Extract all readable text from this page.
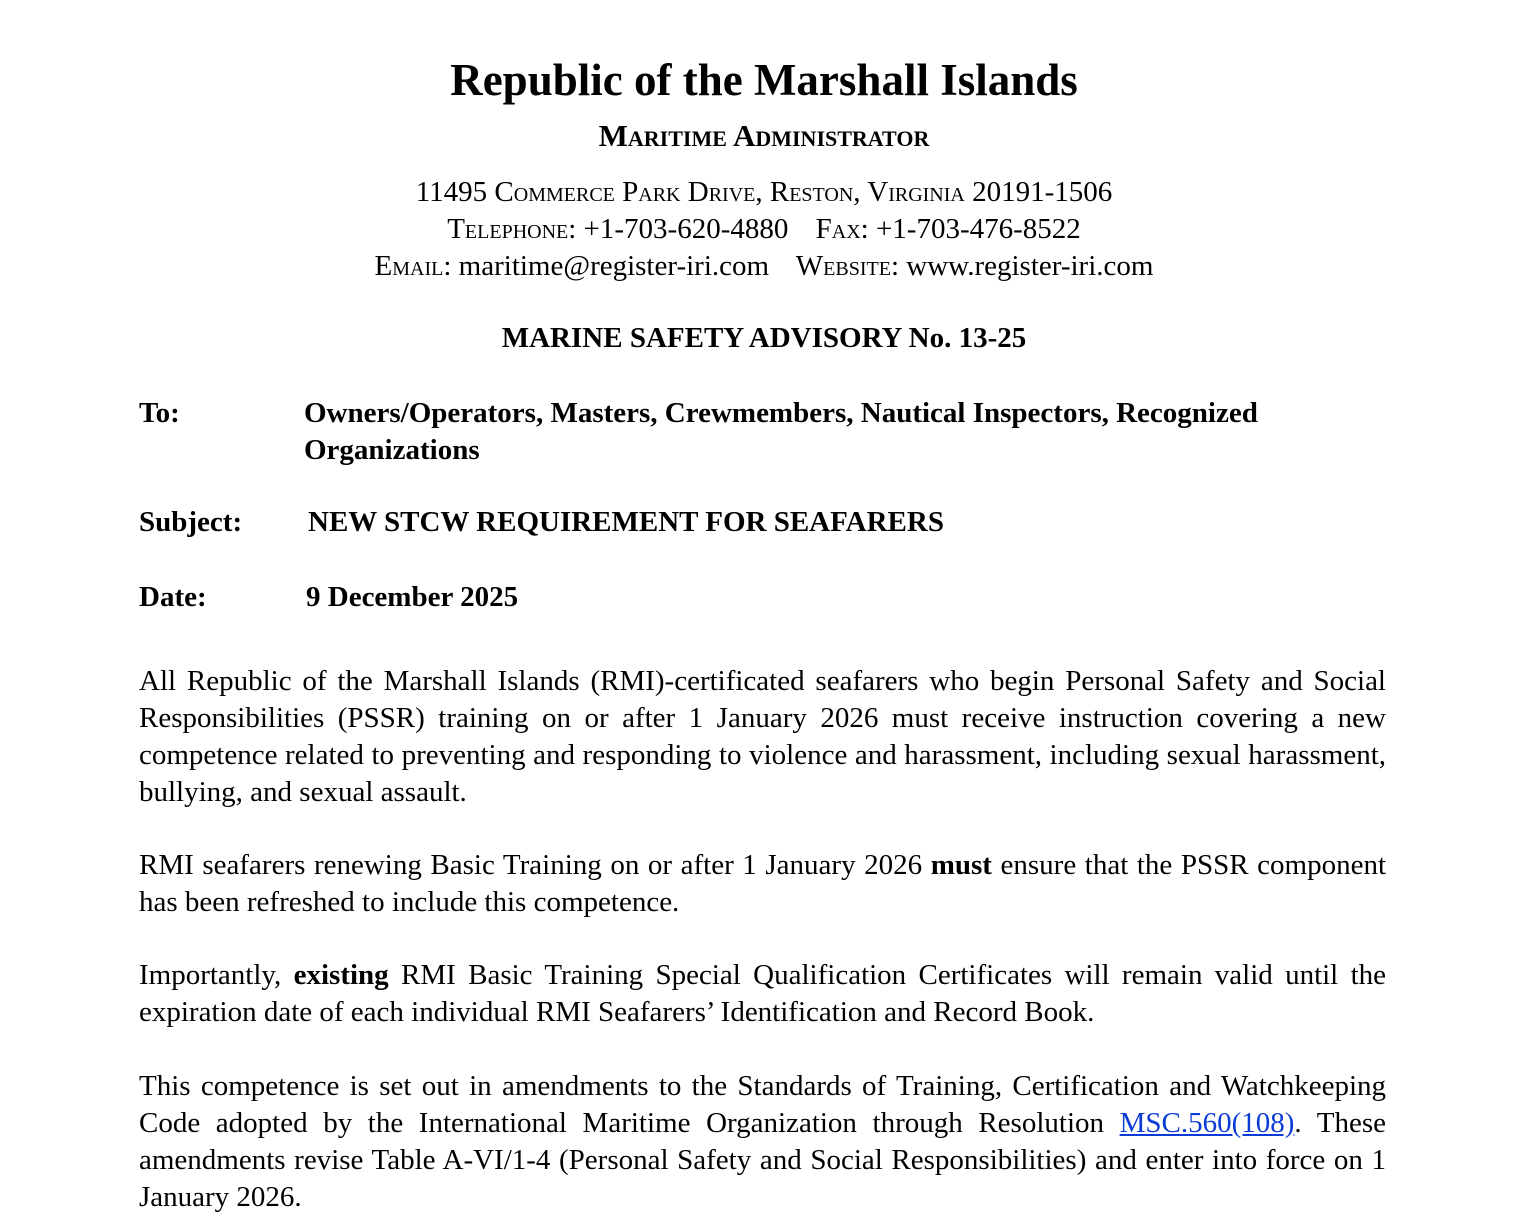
Republic of the Marshall Islands
Maritime Administrator
11495 Commerce Park Drive, Reston, Virginia 20191-1506
Telephone: +1-703-620-4880 Fax: +1-703-476-8522
Email: maritime@register-iri.com Website: www.register-iri.com
MARINE SAFETY ADVISORY No. 13-25
To:	Owners/Operators, Masters, Crewmembers, Nautical Inspectors, Recognized Organizations
Subject: NEW STCW REQUIREMENT FOR SEAFARERS
Date:	9 December 2025

All Republic of the Marshall Islands (RMI)-certificated seafarers who begin Personal Safety and Social Responsibilities (PSSR) training on or after 1 January 2026 must receive instruction covering a new competence related to preventing and responding to violence and harassment, including sexual harassment, bullying, and sexual assault.

RMI seafarers renewing Basic Training on or after 1 January 2026 must ensure that the PSSR component has been refreshed to include this competence.

Importantly, existing RMI Basic Training Special Qualification Certificates will remain valid until the expiration date of each individual RMI Seafarers’ Identification and Record Book.

This competence is set out in amendments to the Standards of Training, Certification and Watchkeeping Code adopted by the International Maritime Organization through Resolution MSC.560(108). These amendments revise Table A-VI/1-4 (Personal Safety and Social Responsibilities) and enter into force on 1 January 2026.
